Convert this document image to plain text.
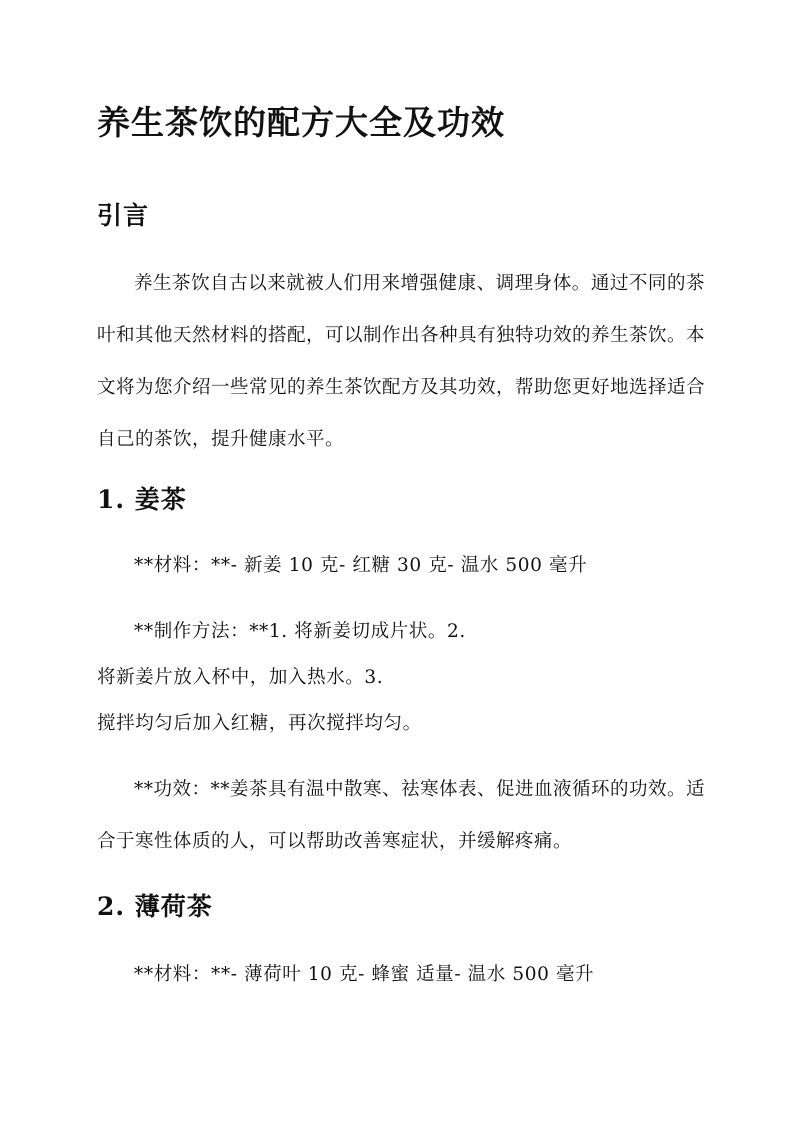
养生茶饮的配方大全及功效
引言
养生茶饮自古以来就被人们用来增强健康、调理身体。通过不同的茶叶和其他天然材料的搭配，可以制作出各种具有独特功效的养生茶饮。本文将为您介绍一些常见的养生茶饮配方及其功效，帮助您更好地选择适合自己的茶饮，提升健康水平。
1. 姜茶
**材料：**- 新姜 10 克- 红糖 30 克- 温水 500 毫升
**制作方法：**1. 将新姜切成片状。2.
将新姜片放入杯中，加入热水。3.
搅拌均匀后加入红糖，再次搅拌均匀。
**功效：**姜茶具有温中散寒、祛寒体表、促进血液循环的功效。适合于寒性体质的人，可以帮助改善寒症状，并缓解疼痛。
2. 薄荷茶
**材料：**- 薄荷叶 10 克- 蜂蜜 适量- 温水 500 毫升
